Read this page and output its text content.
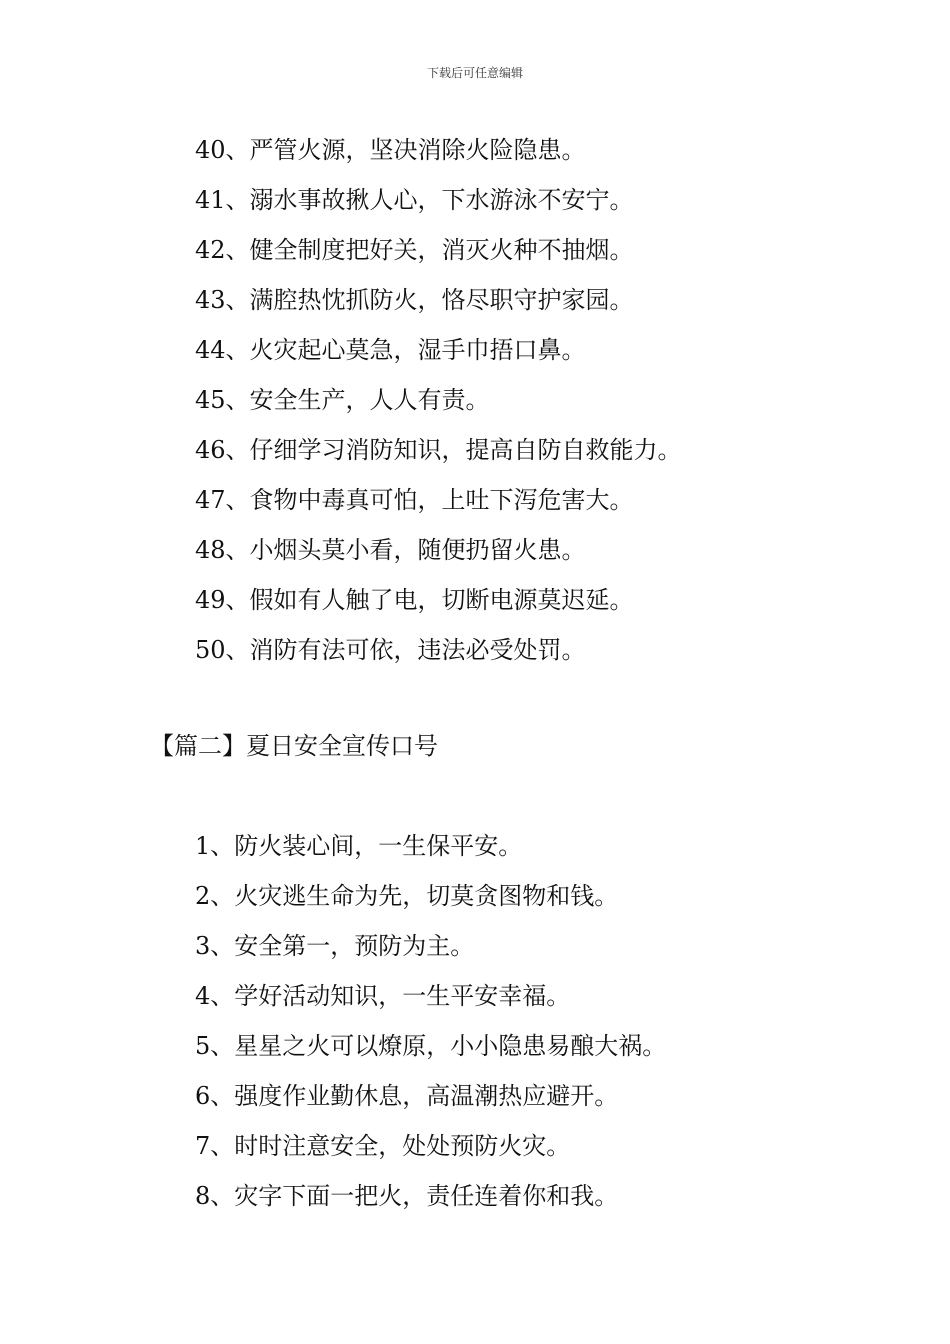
下载后可任意编辑
40、严管火源，坚决消除火险隐患。
41、溺水事故揪人心，下水游泳不安宁。
42、健全制度把好关，消灭火种不抽烟。
43、满腔热忱抓防火，恪尽职守护家园。
44、火灾起心莫急，湿手巾捂口鼻。
45、安全生产，人人有责。
46、仔细学习消防知识，提高自防自救能力。
47、食物中毒真可怕，上吐下泻危害大。
48、小烟头莫小看，随便扔留火患。
49、假如有人触了电，切断电源莫迟延。
50、消防有法可依，违法必受处罚。
【篇二】夏日安全宣传口号
1、防火装心间，一生保平安。
2、火灾逃生命为先，切莫贪图物和钱。
3、安全第一，预防为主。
4、学好活动知识，一生平安幸福。
5、星星之火可以燎原，小小隐患易酿大祸。
6、强度作业勤休息，高温潮热应避开。
7、时时注意安全，处处预防火灾。
8、灾字下面一把火，责任连着你和我。
